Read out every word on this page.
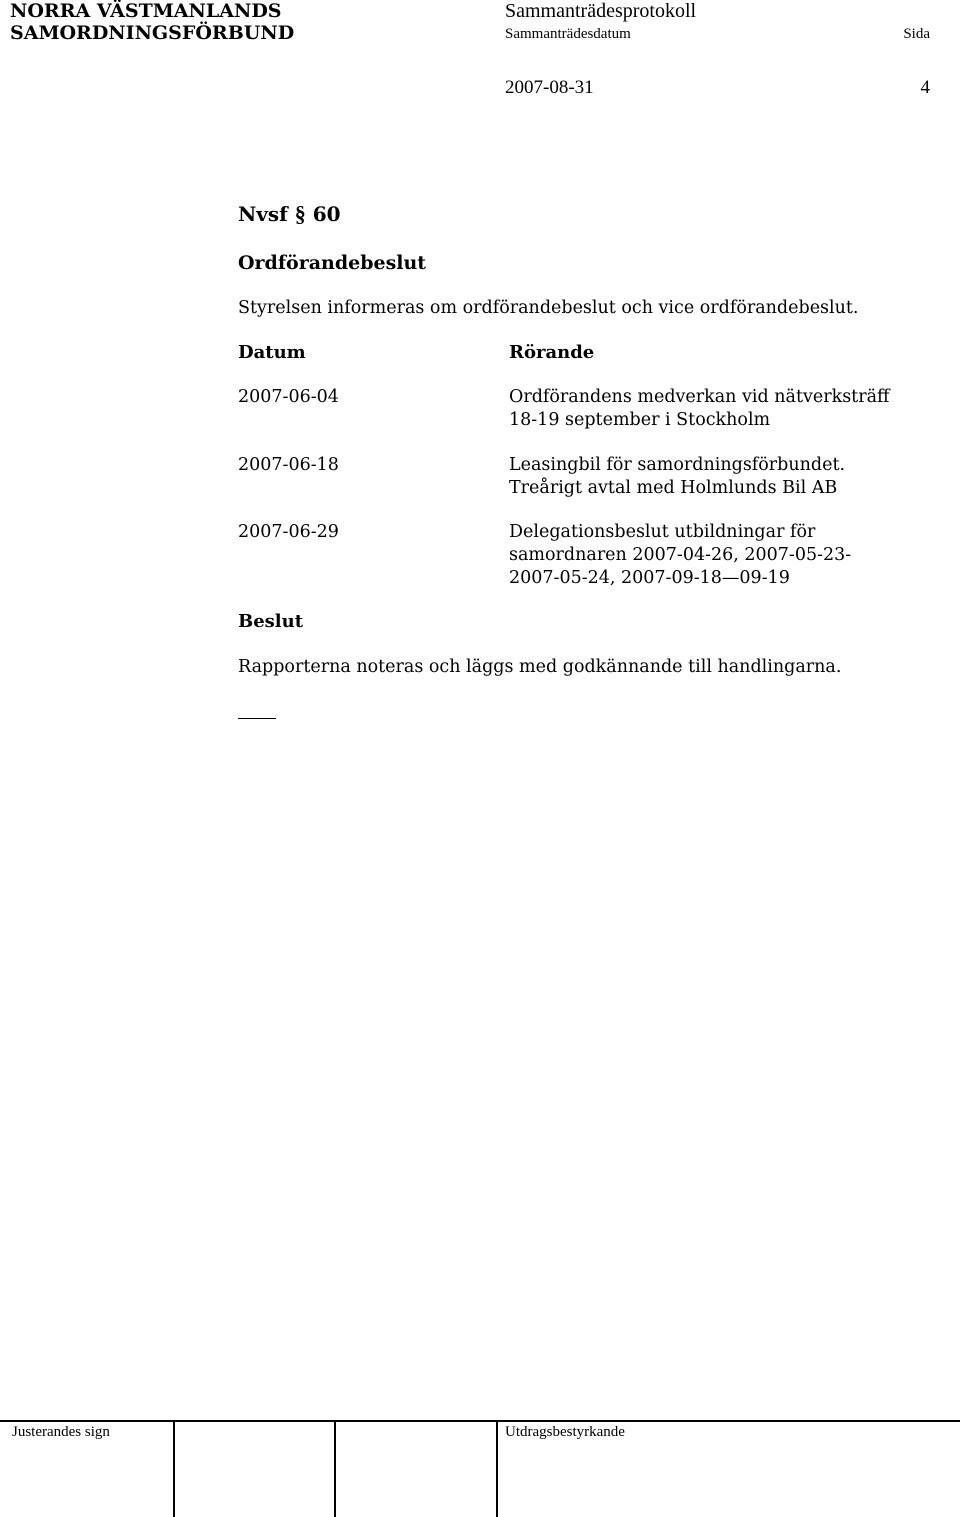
NORRA VÄSTMANLANDS
SAMORDNINGSFÖRBUND
Sammanträdesprotokoll
Sammanträdesdatum	Sida
2007-08-31	4
Nvsf § 60
Ordförandebeslut
Styrelsen informeras om ordförandebeslut och vice ordförandebeslut.
Datum	Rörande
2007-06-04	Ordförandens medverkan vid nätverksträff
18-19 september i Stockholm
2007-06-18	Leasingbil för samordningsförbundet.
Treårigt avtal med Holmlunds Bil AB
2007-06-29	Delegationsbeslut utbildningar för
samordnaren 2007-04-26, 2007-05-23-
2007-05-24, 2007-09-18—09-19
Beslut
Rapporterna noteras och läggs med godkännande till handlingarna.
Justerandes sign	Utdragsbestyrkande
